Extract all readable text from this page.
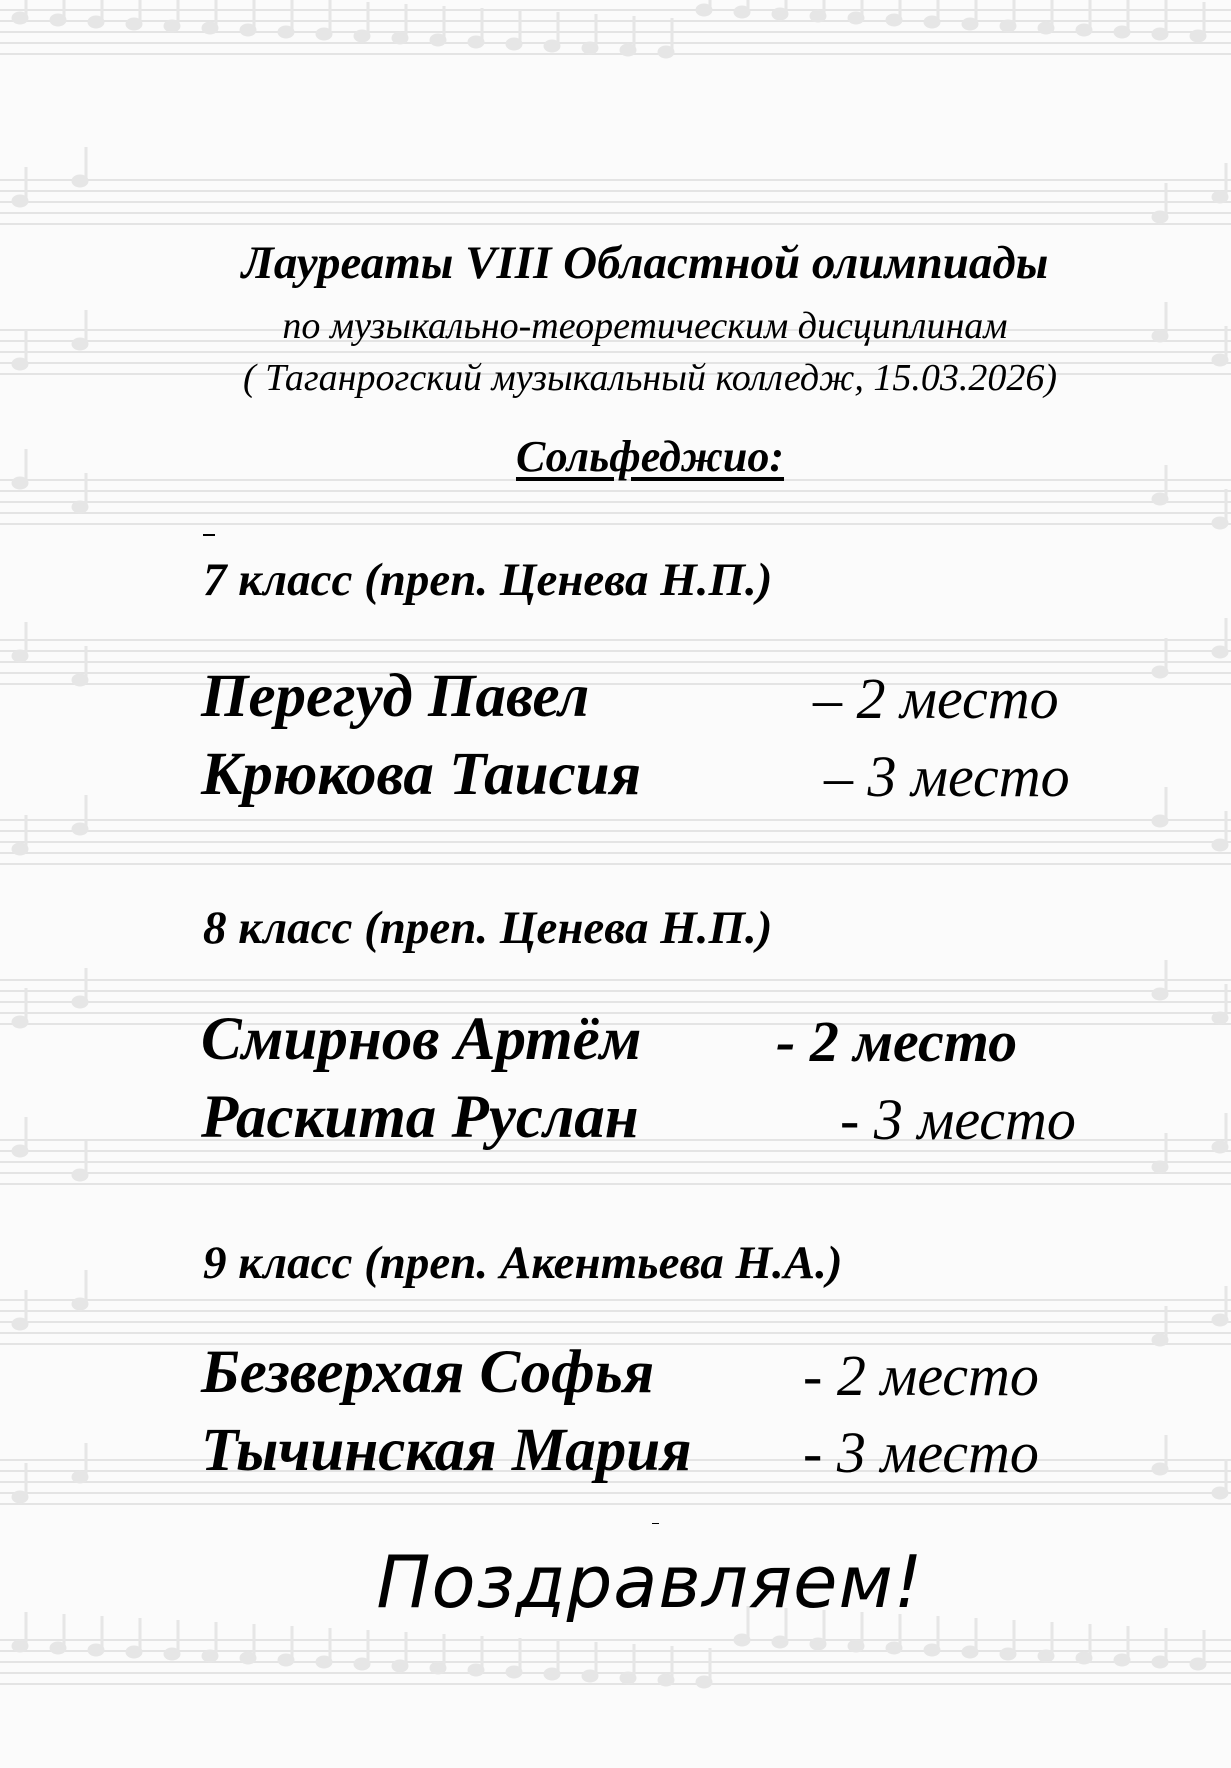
Лауреаты VIII Областной олимпиады
по музыкально-теоретическим дисциплинам
( Таганрогский музыкальный колледж, 15.03.2026)
Сольфеджио:
7 класс (преп. Ценева Н.П.)
Перегуд Павел	– 2 место
Крюкова Таисия	– 3 место
8 класс (преп. Ценева Н.П.)
Смирнов Артём - 2 место
Раскита Руслан	- 3 место
9 класс (преп. Акентьева Н.А.)
Безверхая Софья	- 2 место
Тычинская Мария - 3 место
Поздравляем!
